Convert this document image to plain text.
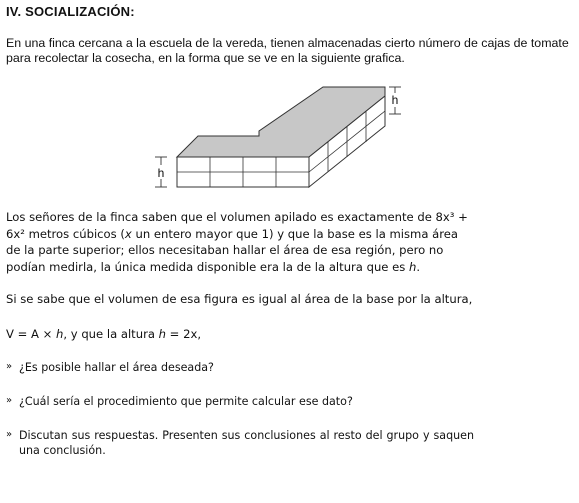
IV. SOCIALIZACIÓN:
En una finca cercana a la escuela de la vereda, tienen almacenadas cierto número de cajas de tomate para recolectar la cosecha, en la forma que se ve en la siguiente grafica.
h
h
Los señores de la finca saben que el volumen apilado es exactamente de 8x³ + 6x² metros cúbicos (x un entero mayor que 1) y que la base es la misma área de la parte superior; ellos necesitaban hallar el área de esa región, pero no podían medirla, la única medida disponible era la de la altura que es h.
Si se sabe que el volumen de esa figura es igual al área de la base por la altura,
V = A × h, y que la altura h = 2x,
» ¿Es posible hallar el área deseada?
» ¿Cuál sería el procedimiento que permite calcular ese dato?
» Discutan sus respuestas. Presenten sus conclusiones al resto del grupo y saquen una conclusión.
